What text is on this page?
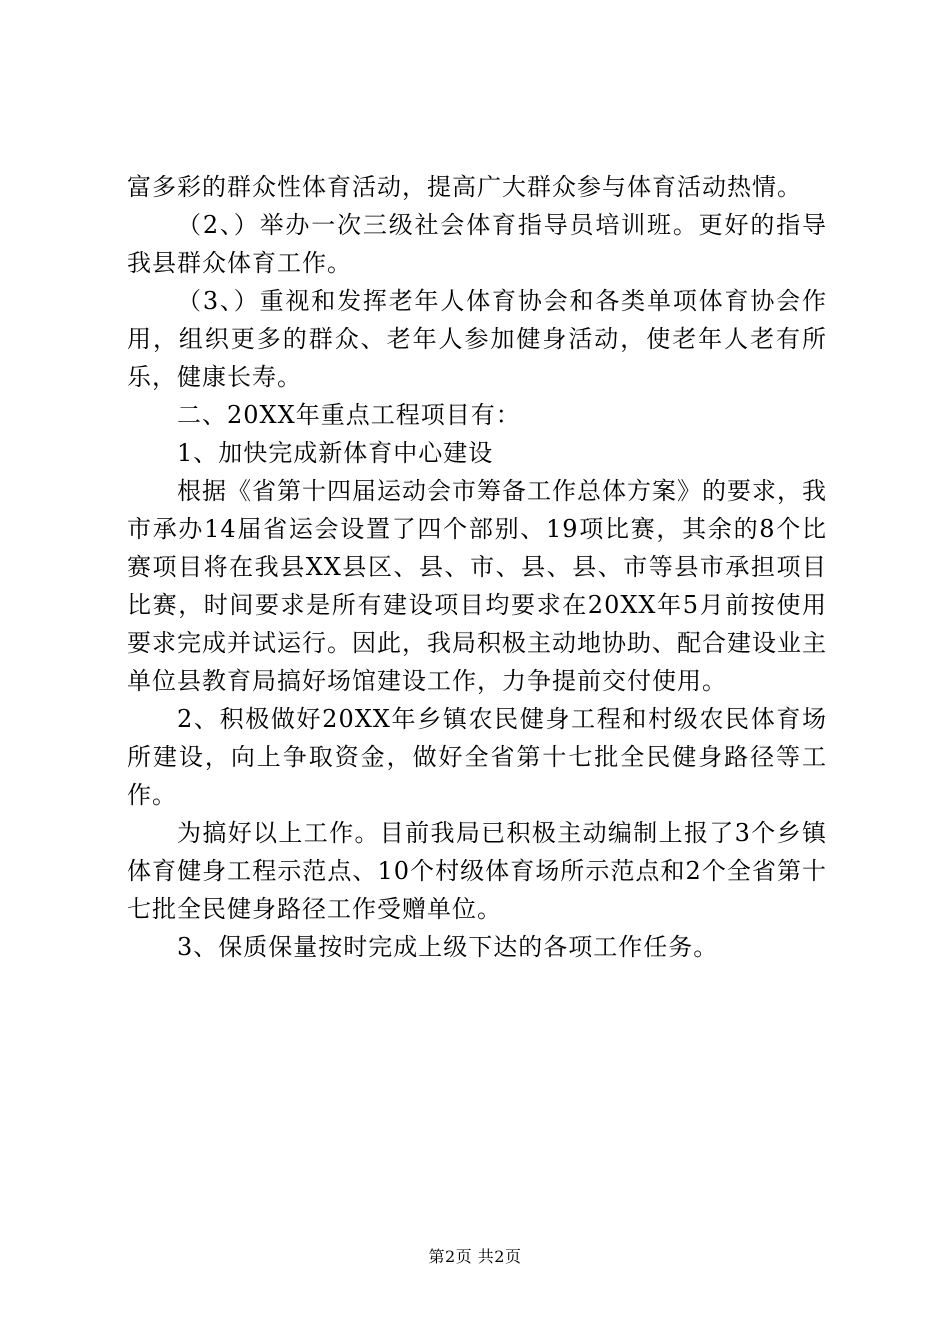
富多彩的群众性体育活动，提高广大群众参与体育活动热情。

（2、）举办一次三级社会体育指导员培训班。更好的指导我县群众体育工作。

（3、）重视和发挥老年人体育协会和各类单项体育协会作用，组织更多的群众、老年人参加健身活动，使老年人老有所乐，健康长寿。

二、20XX年重点工程项目有：

1、加快完成新体育中心建设

根据《省第十四届运动会市筹备工作总体方案》的要求，我市承办14届省运会设置了四个部别、19项比赛，其余的8个比赛项目将在我县XX县区、县、市、县、县、市等县市承担项目比赛，时间要求是所有建设项目均要求在20XX年5月前按使用要求完成并试运行。因此，我局积极主动地协助、配合建设业主单位县教育局搞好场馆建设工作，力争提前交付使用。

2、积极做好20XX年乡镇农民健身工程和村级农民体育场所建设，向上争取资金，做好全省第十七批全民健身路径等工作。

为搞好以上工作。目前我局已积极主动编制上报了3个乡镇体育健身工程示范点、10个村级体育场所示范点和2个全省第十七批全民健身路径工作受赠单位。

3、保质保量按时完成上级下达的各项工作任务。

第2页 共2页
